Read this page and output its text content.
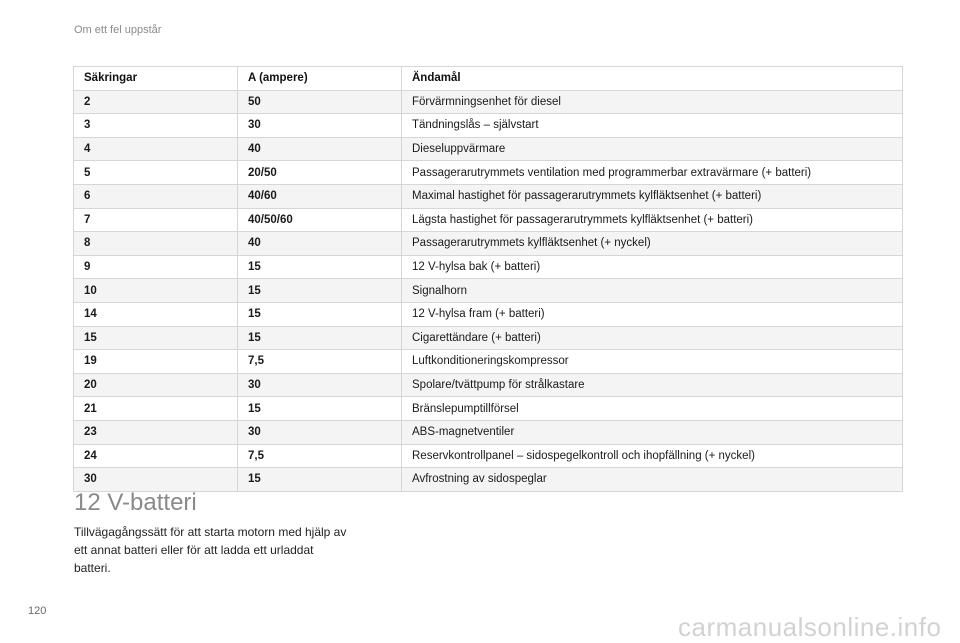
Om ett fel uppstår
Säkringar	A (ampere)	Ändamål
2	50	Förvärmningsenhet för diesel
3	30	Tändningslås – självstart
4	40	Dieseluppvärmare
5	20/50	Passagerarutrymmets ventilation med programmerbar extravärmare (+ batteri)
6	40/60	Maximal hastighet för passagerarutrymmets kylfläktsenhet (+ batteri)
7	40/50/60	Lägsta hastighet för passagerarutrymmets kylfläktsenhet (+ batteri)
8	40	Passagerarutrymmets kylfläktsenhet (+ nyckel)
9	15	12 V-hylsa bak (+ batteri)
10	15	Signalhorn
14	15	12 V-hylsa fram (+ batteri)
15	15	Cigarettändare (+ batteri)
19	7,5	Luftkonditioneringskompressor
20	30	Spolare/tvättpump för strålkastare
21	15	Bränslepumptillförsel
23	30	ABS-magnetventiler
24	7,5	Reservkontrollpanel – sidospegelkontroll och ihopfällning (+ nyckel)
30	15	Avfrostning av sidospeglar
12 V-batteri

Tillvägagångssätt för att starta motorn med hjälp av ett annat batteri eller för att ladda ett urladdat batteri.

120
carmanualsonline.info
